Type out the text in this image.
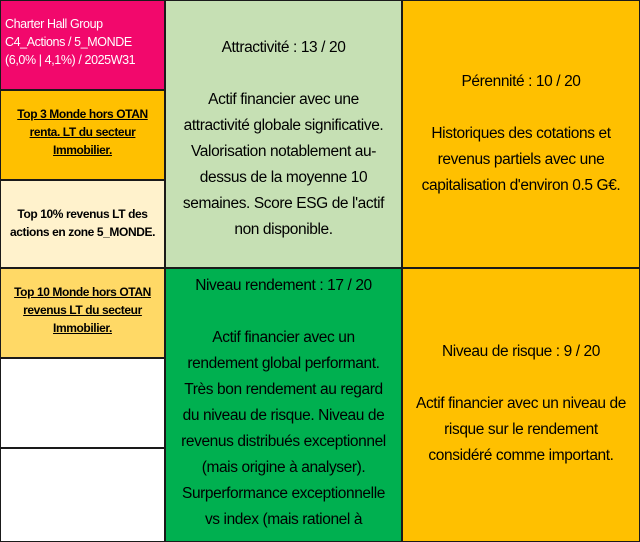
Charter Hall Group
C4_Actions / 5_MONDE
(6,0% | 4,1%) / 2025W31
Top 3 Monde hors OTAN
renta. LT du secteur
Immobilier.
Top 10% revenus LT des
actions en zone 5_MONDE.
Top 10 Monde hors OTAN
revenus LT du secteur
Immobilier.
Attractivité : 13 / 20
Actif financier avec une
attractivité globale significative.
Valorisation notablement au-
dessus de la moyenne 10
semaines. Score ESG de l'actif
non disponible.
Pérennité : 10 / 20
Historiques des cotations et
revenus partiels avec une
capitalisation d'environ 0.5 G€.
Niveau rendement : 17 / 20
Actif financier avec un
rendement global performant.
Très bon rendement au regard
du niveau de risque. Niveau de
revenus distribués exceptionnel
(mais origine à analyser).
Surperformance exceptionnelle
vs index (mais rationel à
Niveau de risque : 9 / 20
Actif financier avec un niveau de
risque sur le rendement
considéré comme important.
